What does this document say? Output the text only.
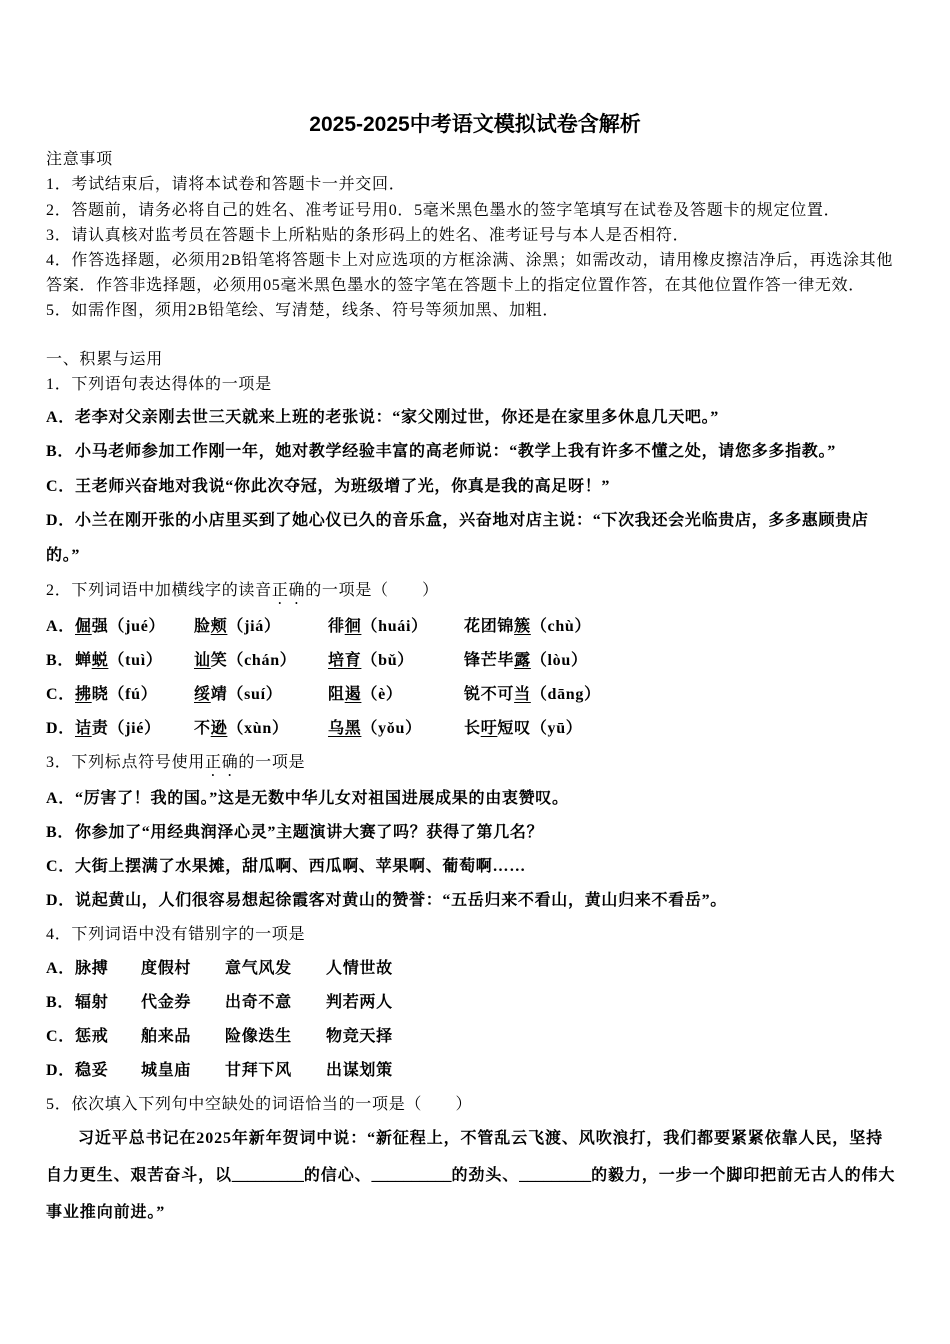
2025-2025中考语文模拟试卷含解析
注意事项
1．考试结束后，请将本试卷和答题卡一并交回．
2．答题前，请务必将自己的姓名、准考证号用0．5毫米黑色墨水的签字笔填写在试卷及答题卡的规定位置．
3．请认真核对监考员在答题卡上所粘贴的条形码上的姓名、准考证号与本人是否相符．
4．作答选择题，必须用2B铅笔将答题卡上对应选项的方框涂满、涂黑；如需改动，请用橡皮擦洁净后，再选涂其他
答案．作答非选择题，必须用05毫米黑色墨水的签字笔在答题卡上的指定位置作答，在其他位置作答一律无效．
5．如需作图，须用2B铅笔绘、写清楚，线条、符号等须加黑、加粗．
一、积累与运用
1．下列语句表达得体的一项是
A．老李对父亲刚去世三天就来上班的老张说：“家父刚过世，你还是在家里多休息几天吧。”
B．小马老师参加工作刚一年，她对教学经验丰富的高老师说：“教学上我有许多不懂之处，请您多多指教。”
C．王老师兴奋地对我说“你此次夺冠，为班级增了光，你真是我的高足呀！”
D．小兰在刚开张的小店里买到了她心仪已久的音乐盒，兴奋地对店主说：“下次我还会光临贵店，多多惠顾贵店
的。”
2．下列词语中加横线字的读音正确的一项是（　　）
A．倔强（jué） 脸颊（jiá）	徘徊（huái） 花团锦簇（chù）
B．蝉蜕（tuì） 讪笑（chán） 培育（bǔ）	锋芒毕露（lòu）
C．拂晓（fú） 绥靖（suí）	阻遏（è）	锐不可当（dāng）
D．诘责（jié） 不逊（xùn） 乌黑（yǒu）	长吁短叹（yū）
3．下列标点符号使用正确的一项是
A．“厉害了！我的国。”这是无数中华儿女对祖国进展成果的由衷赞叹。
B．你参加了“用经典润泽心灵”主题演讲大赛了吗？获得了第几名？
C．大街上摆满了水果摊，甜瓜啊、西瓜啊、苹果啊、葡萄啊……
D．说起黄山，人们很容易想起徐霞客对黄山的赞誉：“五岳归来不看山，黄山归来不看岳”。
4．下列词语中没有错别字的一项是
A．脉搏 度假村 意气风发 人情世故
B．辐射 代金券 出奇不意 判若两人
C．惩戒 舶来品 险像迭生 物竞天择
D．稳妥 城皇庙 甘拜下风 出谋划策
5．依次填入下列句中空缺处的词语恰当的一项是（　　）
习近平总书记在2025年新年贺词中说：“新征程上，不管乱云飞渡、风吹浪打，我们都要紧紧依靠人民，坚持
自力更生、艰苦奋斗，以_________的信心、__________的劲头、_________的毅力，一步一个脚印把前无古人的伟大
事业推向前进。”
